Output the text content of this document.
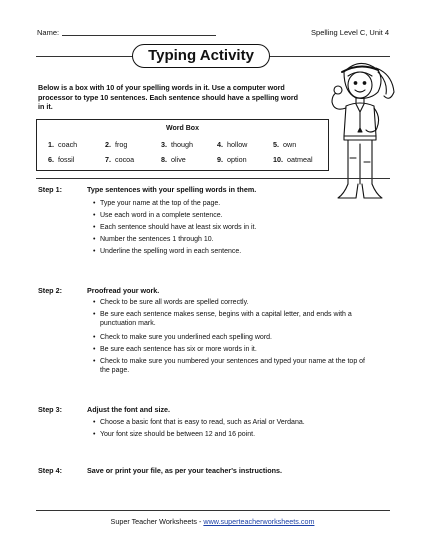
Name:	Spelling Level C, Unit 4
Typing Activity
Below is a box with 10 of your spelling words in it. Use a computer word processor to type 10 sentences. Each sentence should have a spelling word in it.
Word Box
1. coach	2. frog	3. though	4. hollow	5. own
6. fossil	7. cocoa	8. olive	9. option	10. oatmeal
Step 1:	Type sentences with your spelling words in them.
• Type your name at the top of the page.
• Use each word in a complete sentence.
• Each sentence should have at least six words in it.
• Number the sentences 1 through 10.
• Underline the spelling word in each sentence.
Step 2:	Proofread your work.
• Check to be sure all words are spelled correctly.
• Be sure each sentence makes sense, begins with a capital letter, and ends with a punctuation mark.
• Check to make sure you underlined each spelling word.
• Be sure each sentence has six or more words in it.
• Check to make sure you numbered your sentences and typed your name at the top of the page.
Step 3:	Adjust the font and size.
• Choose a basic font that is easy to read, such as Arial or Verdana.
• Your font size should be between 12 and 16 point.
Step 4:	Save or print your file, as per your teacher's instructions.
Super Teacher Worksheets - www.superteacherworksheets.com
